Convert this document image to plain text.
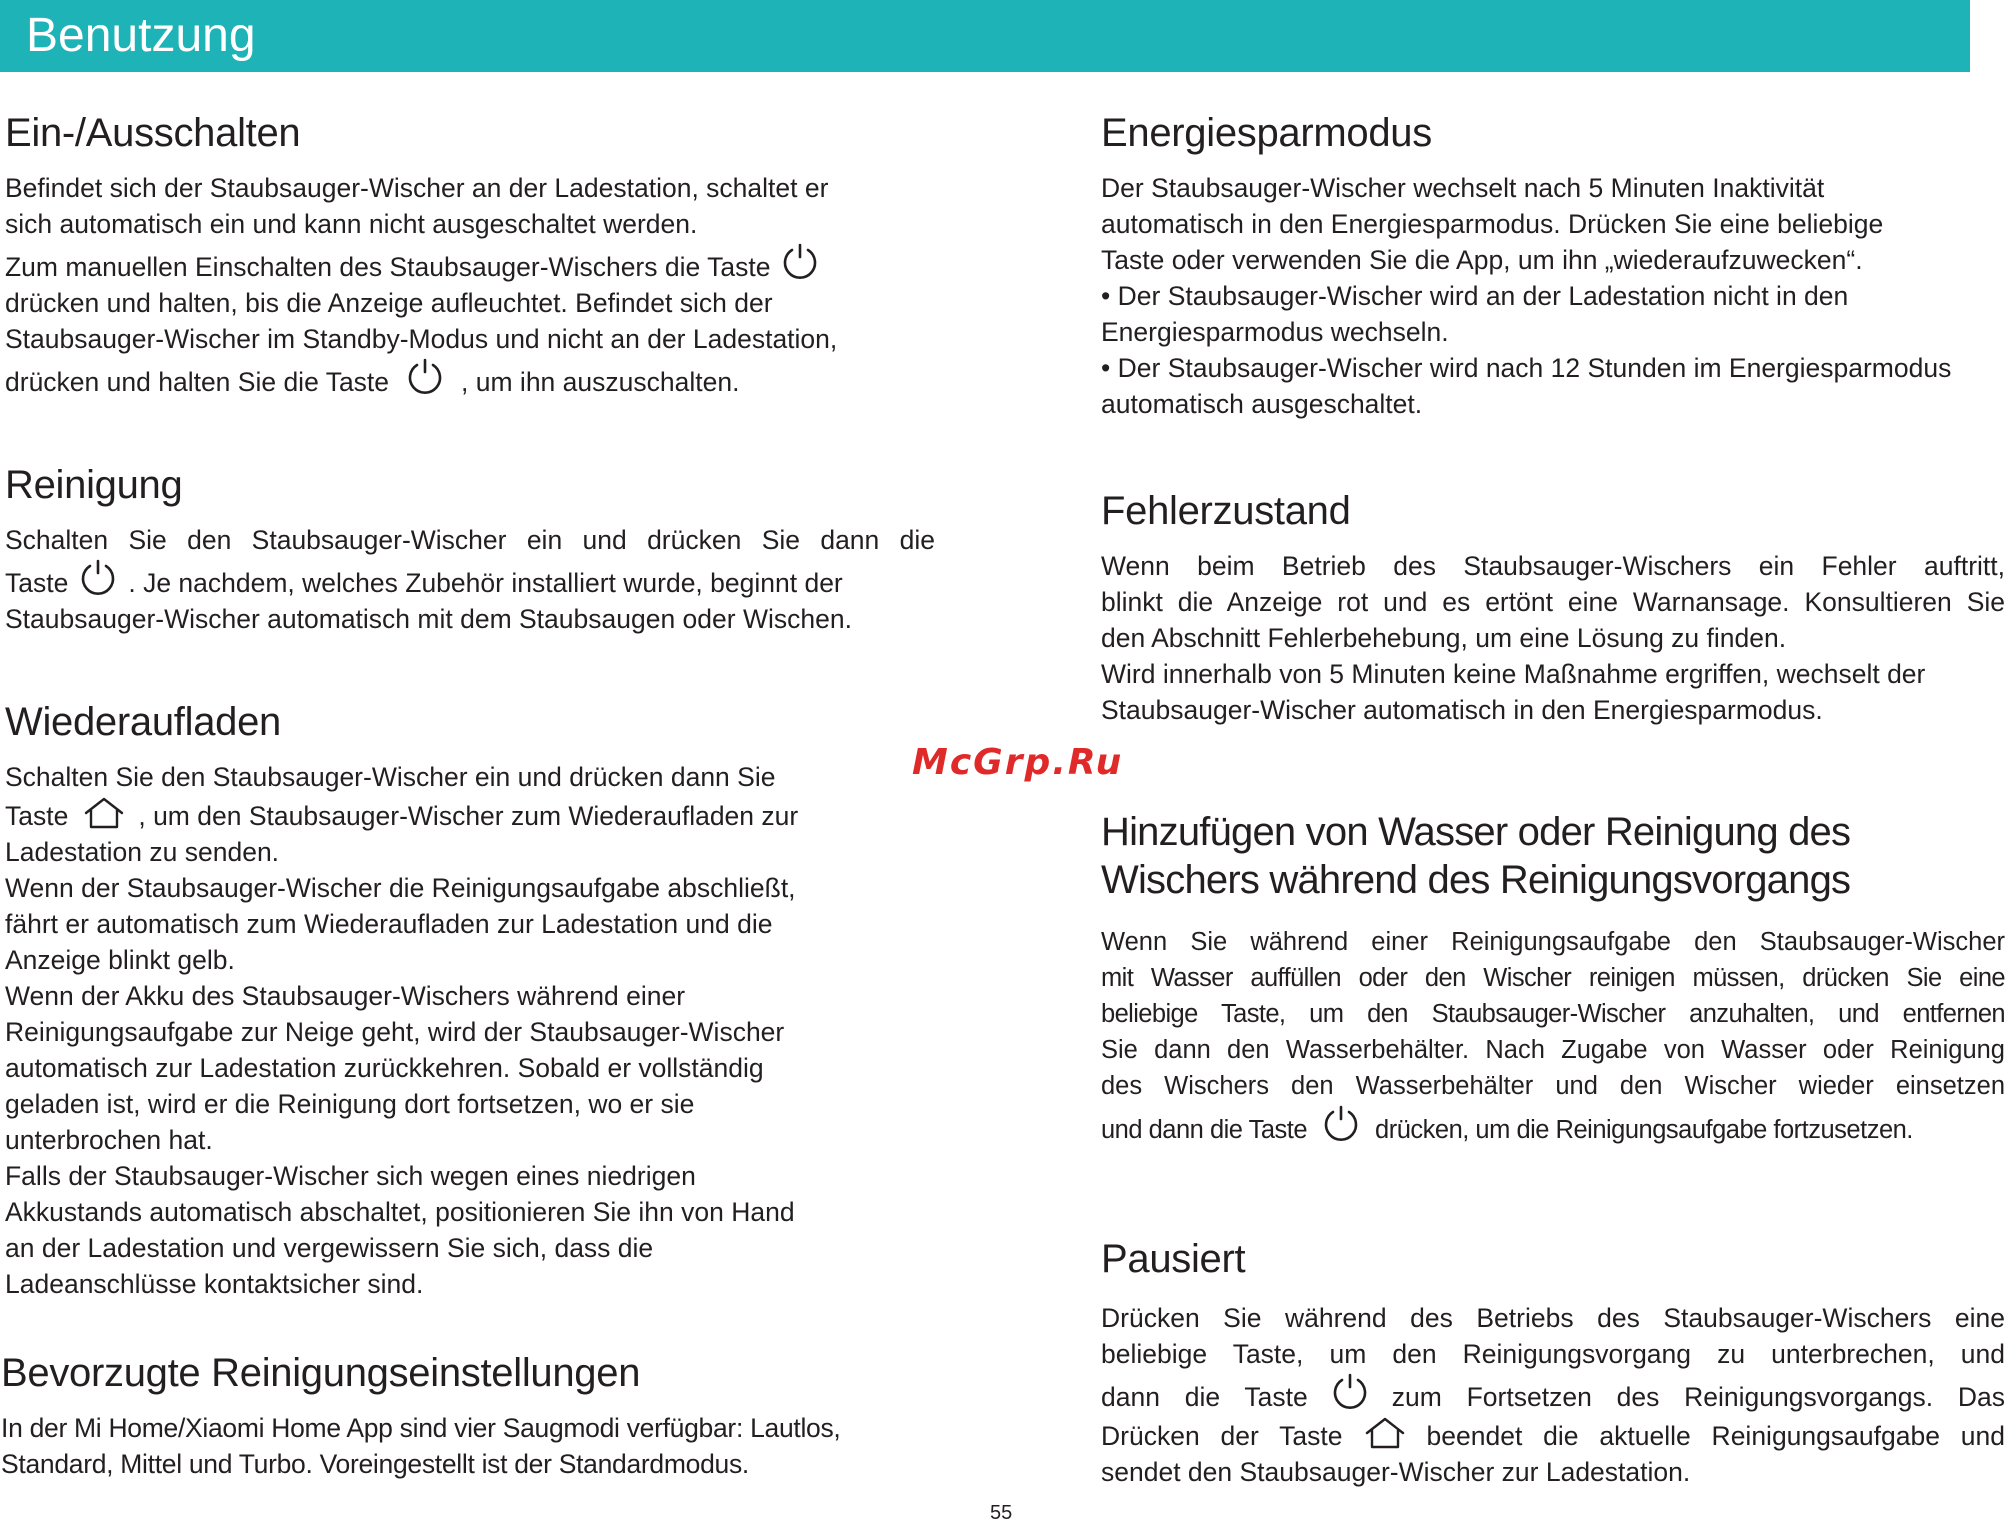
Benutzung
Ein-/Ausschalten

Befindet sich der Staubsauger-Wischer an der Ladestation, schaltet er

sich automatisch ein und kann nicht ausgeschaltet werden.

Zum manuellen Einschalten des Staubsauger-Wischers die Taste

drücken und halten, bis die Anzeige aufleuchtet. Befindet sich der

Staubsauger-Wischer im Standby-Modus und nicht an der Ladestation,

drücken und halten Sie die Taste	, um ihn auszuschalten.

Reinigung

Schalten Sie den Staubsauger-Wischer ein und drücken Sie dann die

Taste . Je nachdem, welches Zubehör installiert wurde, beginnt der

Staubsauger-Wischer automatisch mit dem Staubsaugen oder Wischen.

Wiederaufladen

Schalten Sie den Staubsauger-Wischer ein und drücken dann Sie

Taste	, um den Staubsauger-Wischer zum Wiederaufladen zur

Ladestation zu senden.

Wenn der Staubsauger-Wischer die Reinigungsaufgabe abschließt,

fährt er automatisch zum Wiederaufladen zur Ladestation und die

Anzeige blinkt gelb.

Wenn der Akku des Staubsauger-Wischers während einer

Reinigungsaufgabe zur Neige geht, wird der Staubsauger-Wischer

automatisch zur Ladestation zurückkehren. Sobald er vollständig

geladen ist, wird er die Reinigung dort fortsetzen, wo er sie

unterbrochen hat.

Falls der Staubsauger-Wischer sich wegen eines niedrigen

Akkustands automatisch abschaltet, positionieren Sie ihn von Hand

an der Ladestation und vergewissern Sie sich, dass die

Ladeanschlüsse kontaktsicher sind.

Bevorzugte Reinigungseinstellungen

In der Mi Home/Xiaomi Home App sind vier Saugmodi verfügbar: Lautlos,

Standard, Mittel und Turbo. Voreingestellt ist der Standardmodus.

Energiesparmodus

Der Staubsauger-Wischer wechselt nach 5 Minuten Inaktivität

automatisch in den Energiesparmodus. Drücken Sie eine beliebige

Taste oder verwenden Sie die App, um ihn „wiederaufzuwecken“.

• Der Staubsauger-Wischer wird an der Ladestation nicht in den

Energiesparmodus wechseln.

• Der Staubsauger-Wischer wird nach 12 Stunden im Energiesparmodus

automatisch ausgeschaltet.

Fehlerzustand

Wenn beim Betrieb des Staubsauger-Wischers ein Fehler auftritt,

blinkt die Anzeige rot und es ertönt eine Warnansage. Konsultieren Sie

den Abschnitt Fehlerbehebung, um eine Lösung zu finden.

Wird innerhalb von 5 Minuten keine Maßnahme ergriffen, wechselt der

Staubsauger-Wischer automatisch in den Energiesparmodus.

Hinzufügen von Wasser oder Reinigung des Wischers während des Reinigungsvorgangs

Wenn Sie während einer Reinigungsaufgabe den Staubsauger-Wischer

mit Wasser auffüllen oder den Wischer reinigen müssen, drücken Sie eine

beliebige Taste, um den Staubsauger-Wischer anzuhalten, und entfernen

Sie dann den Wasserbehälter. Nach Zugabe von Wasser oder Reinigung

des Wischers den Wasserbehälter und den Wischer wieder einsetzen

und dann die Taste	drücken, um die Reinigungsaufgabe fortzusetzen.

Pausiert

Drücken Sie während des Betriebs des Staubsauger-Wischers eine

beliebige Taste, um den Reinigungsvorgang zu unterbrechen, und

dann die Taste	zum Fortsetzen des Reinigungsvorgangs. Das

Drücken der Taste	beendet die aktuelle Reinigungsaufgabe und

sendet den Staubsauger-Wischer zur Ladestation.

McGrp.Ru
55
